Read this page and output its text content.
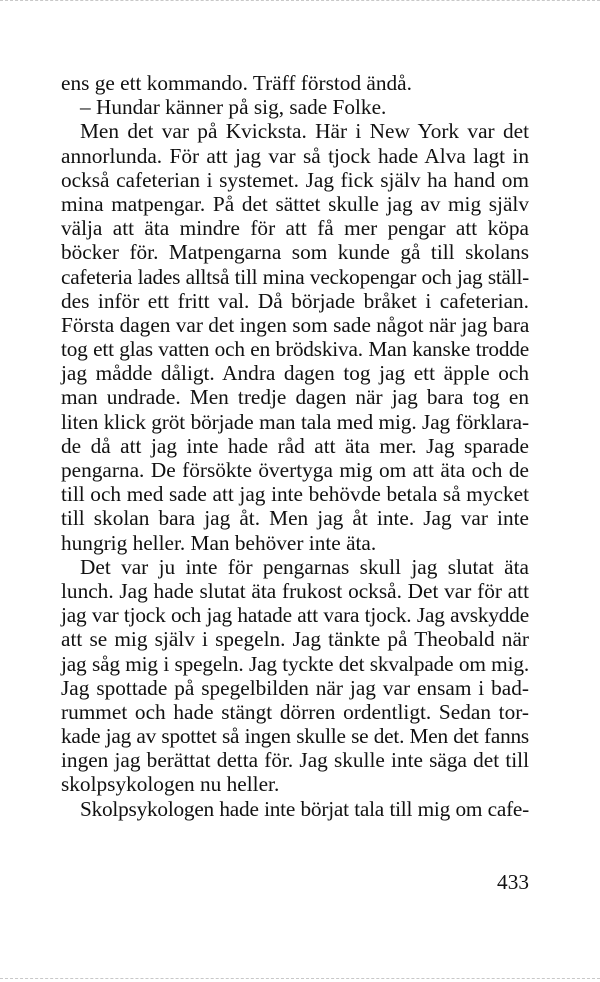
ens ge ett kommando. Träff förstod ändå.
– Hundar känner på sig, sade Folke.
Men det var på Kvicksta. Här i New York var det
annorlunda. För att jag var så tjock hade Alva lagt in
också cafeterian i systemet. Jag fick själv ha hand om
mina matpengar. På det sättet skulle jag av mig själv
välja att äta mindre för att få mer pengar att köpa
böcker för. Matpengarna som kunde gå till skolans
cafeteria lades alltså till mina veckopengar och jag ställ-
des inför ett fritt val. Då började bråket i cafeterian.
Första dagen var det ingen som sade något när jag bara
tog ett glas vatten och en brödskiva. Man kanske trodde
jag mådde dåligt. Andra dagen tog jag ett äpple och
man undrade. Men tredje dagen när jag bara tog en
liten klick gröt började man tala med mig. Jag förklara-
de då att jag inte hade råd att äta mer. Jag sparade
pengarna. De försökte övertyga mig om att äta och de
till och med sade att jag inte behövde betala så mycket
till skolan bara jag åt. Men jag åt inte. Jag var inte
hungrig heller. Man behöver inte äta.
Det var ju inte för pengarnas skull jag slutat äta
lunch. Jag hade slutat äta frukost också. Det var för att
jag var tjock och jag hatade att vara tjock. Jag avskydde
att se mig själv i spegeln. Jag tänkte på Theobald när
jag såg mig i spegeln. Jag tyckte det skvalpade om mig.
Jag spottade på spegelbilden när jag var ensam i bad-
rummet och hade stängt dörren ordentligt. Sedan tor-
kade jag av spottet så ingen skulle se det. Men det fanns
ingen jag berättat detta för. Jag skulle inte säga det till
skolpsykologen nu heller.
Skolpsykologen hade inte börjat tala till mig om cafe-
433
